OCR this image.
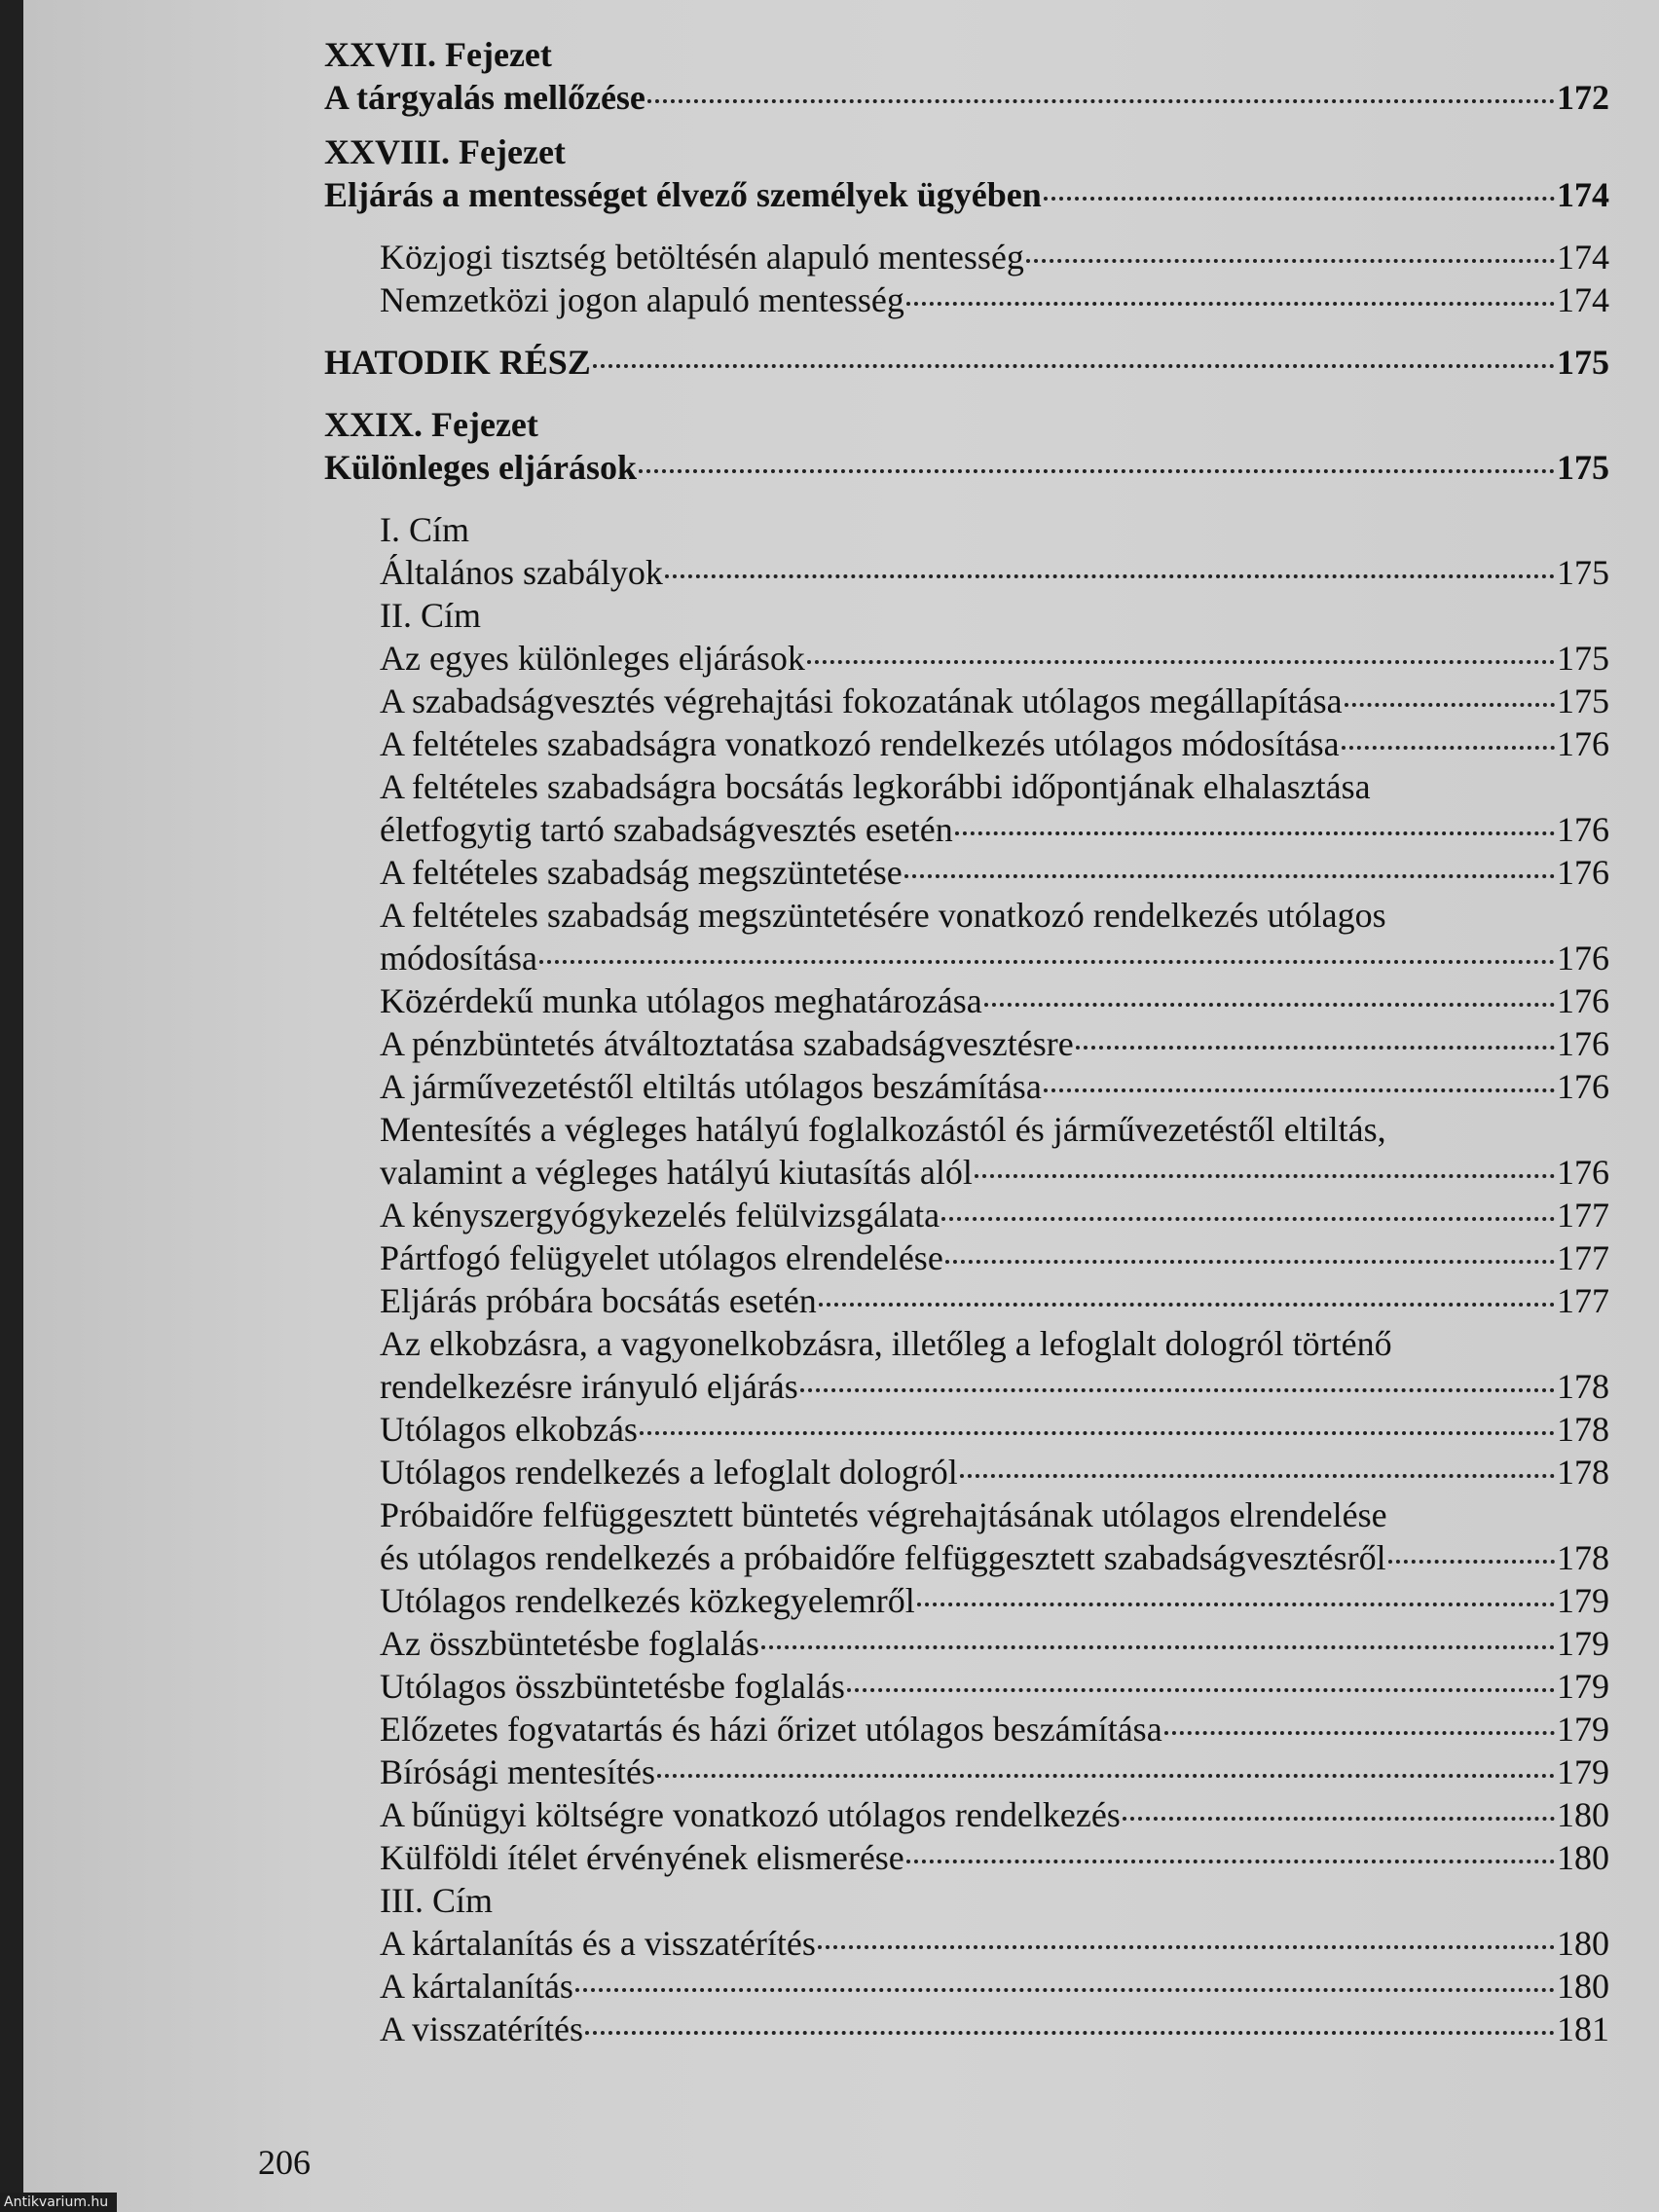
XXVII. Fejezet

A tárgyalás mellőzése	172

XXVIII. Fejezet

Eljárás a mentességet élvező személyek ügyében	174
Közjogi tisztség betöltésén alapuló mentesség	174
Nemzetközi jogon alapuló mentesség	174
HATODIK RÉSZ	175

XXIX. Fejezet

Különleges eljárások	175
I. Cím
Általános szabályok	175
II. Cím
Az egyes különleges eljárások	175
A szabadságvesztés végrehajtási fokozatának utólagos megállapítása	175
A feltételes szabadságra vonatkozó rendelkezés utólagos módosítása	176
A feltételes szabadságra bocsátás legkorábbi időpontjának elhalasztása
életfogytig tartó szabadságvesztés esetén	176
A feltételes szabadság megszüntetése	176
A feltételes szabadság megszüntetésére vonatkozó rendelkezés utólagos
módosítása	176
Közérdekű munka utólagos meghatározása	176
A pénzbüntetés átváltoztatása szabadságvesztésre	176
A járművezetéstől eltiltás utólagos beszámítása	176
Mentesítés a végleges hatályú foglalkozástól és járművezetéstől eltiltás,
valamint a végleges hatályú kiutasítás alól	176
A kényszergyógykezelés felülvizsgálata	177
Pártfogó felügyelet utólagos elrendelése	177
Eljárás próbára bocsátás esetén	177
Az elkobzásra, a vagyonelkobzásra, illetőleg a lefoglalt dologról történő
rendelkezésre irányuló eljárás	178
Utólagos elkobzás	178
Utólagos rendelkezés a lefoglalt dologról	178
Próbaidőre felfüggesztett büntetés végrehajtásának utólagos elrendelése
és utólagos rendelkezés a próbaidőre felfüggesztett szabadságvesztésről	178
Utólagos rendelkezés közkegyelemről	179
Az összbüntetésbe foglalás	179
Utólagos összbüntetésbe foglalás	179
Előzetes fogvatartás és házi őrizet utólagos beszámítása	179
Bírósági mentesítés	179
A bűnügyi költségre vonatkozó utólagos rendelkezés	180
Külföldi ítélet érvényének elismerése	180
III. Cím
A kártalanítás és a visszatérítés	180
A kártalanítás	180
A visszatérítés	181
206
Antikvarium.hu
